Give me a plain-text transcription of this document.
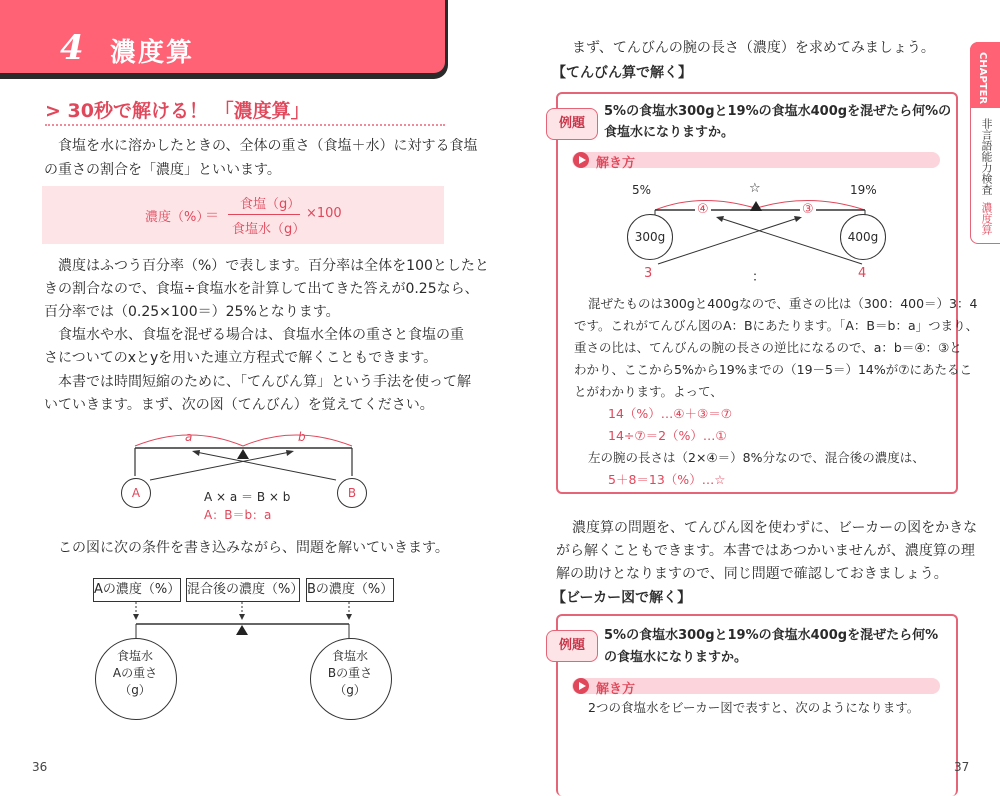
4 濃度算
> 30秒で解ける！ 「濃度算」
食塩を水に溶かしたときの、全体の重さ（食塩＋水）に対する食塩
の重さの割合を「濃度」といいます。
濃度（%）
＝
食塩（g）
食塩水（g）
×100
濃度はふつう百分率（%）で表します。百分率は全体を100としたと
きの割合なので、食塩÷食塩水を計算して出てきた答えが0.25なら、
百分率では（0.25×100＝）25%となります。
食塩水や水、食塩を混ぜる場合は、食塩水全体の重さと食塩の重
さについてのxとyを用いた連立方程式で解くこともできます。
本書では時間短縮のために、「てんびん算」という手法を使って解
いていきます。まず、次の図（てんびん）を覚えてください。
a	b
A	B
A × a ＝ B × b
A：B＝b：a
この図に次の条件を書き込みながら、問題を解いていきます。
Aの濃度（%） 混合後の濃度（%） Bの濃度（%）
食塩水
Aの重さ
（g）
食塩水
Bの重さ
（g）
36
まず、てんびんの腕の長さ（濃度）を求めてみましょう。
【てんびん算で解く】
例題
5%の食塩水300gと19%の食塩水400gを混ぜたら何%の
食塩水になりますか。
解き方
5%	☆	19%
④	③
300g	400g
3	：	4
混ぜたものは300gと400gなので、重さの比は（300：400＝）3：4
です。これがてんびん図のA：Bにあたります。「A：B＝b：a」つまり、
重さの比は、てんびんの腕の長さの逆比になるので、a：b＝④：③と
わかり、ここから5%から19%までの（19－5＝）14%が⑦にあたるこ
とがわかります。よって、
14（%）…④＋③＝⑦
14÷⑦＝2（%）…①
左の腕の長さは（2×④＝）8%分なので、混合後の濃度は、
5＋8＝13（%）…☆
濃度算の問題を、てんびん図を使わずに、ビーカーの図をかきな
がら解くこともできます。本書ではあつかいませんが、濃度算の理
解の助けとなりますので、同じ問題で確認しておきましょう。
【ビーカー図で解く】
例題
5%の食塩水300gと19%の食塩水400gを混ぜたら何%
の食塩水になりますか。
解き方
2つの食塩水をビーカー図で表すと、次のようになります。
CHAPTER 1
非言語能力検査
濃度算
37
